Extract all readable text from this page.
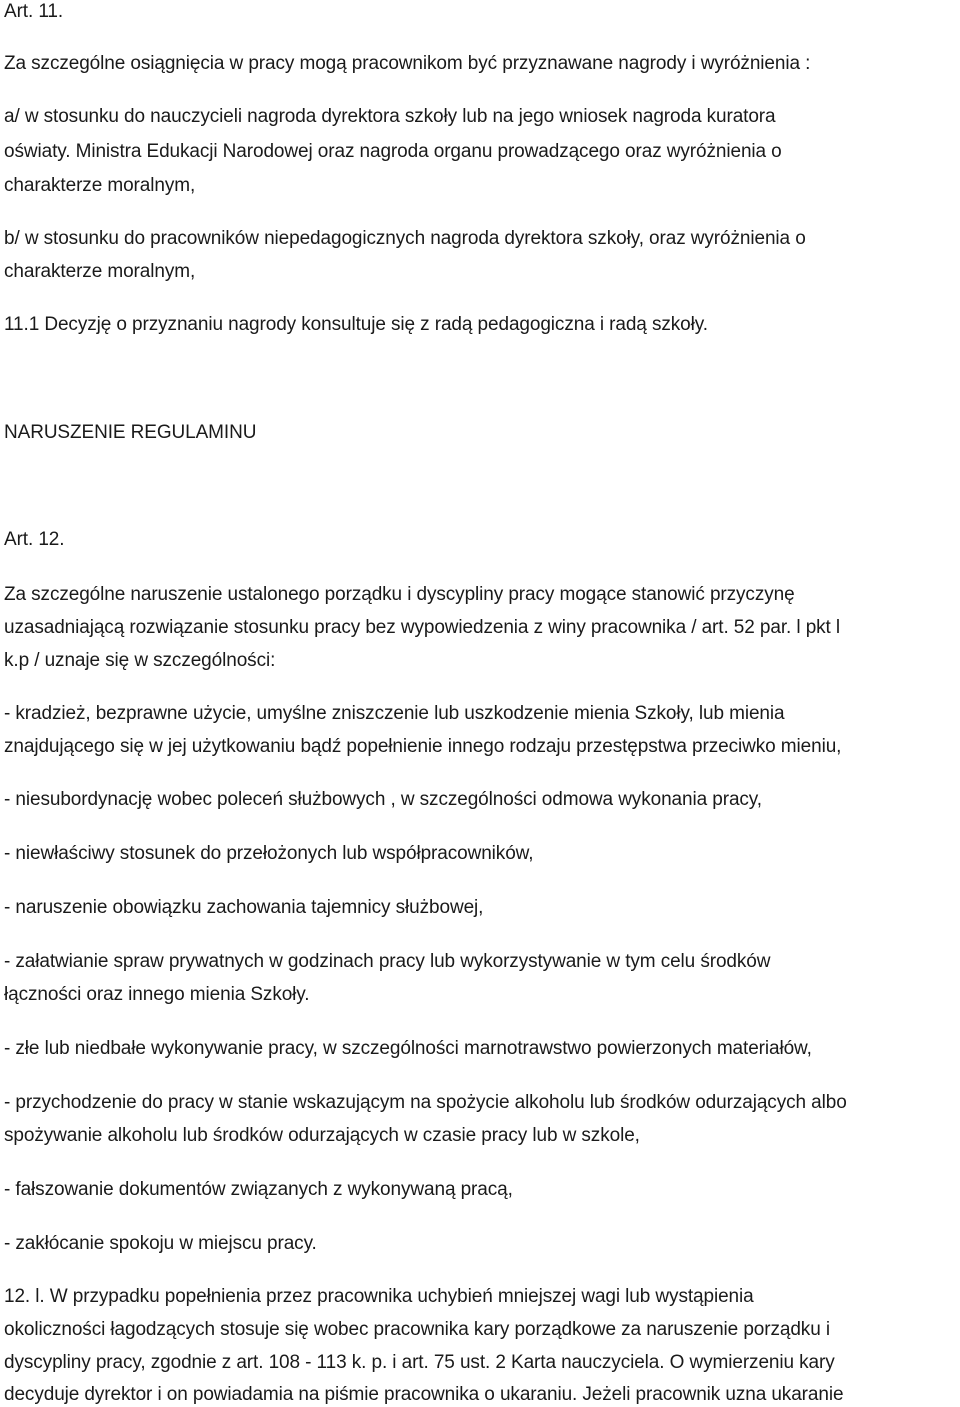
Art. 11.

Za szczególne osiągnięcia w pracy mogą pracownikom być przyznawane nagrody i wyróżnienia :

a/ w stosunku do nauczycieli nagroda dyrektora szkoły lub na jego wniosek nagroda kuratora

oświaty. Ministra Edukacji Narodowej oraz nagroda organu prowadzącego oraz wyróżnienia o

charakterze moralnym,

b/ w stosunku do pracowników niepedagogicznych nagroda dyrektora szkoły, oraz wyróżnienia o

charakterze moralnym,

11.1 Decyzję o przyznaniu nagrody konsultuje się z radą pedagogiczna i radą szkoły.

NARUSZENIE REGULAMINU

Art. 12.

Za szczególne naruszenie ustalonego porządku i dyscypliny pracy mogące stanowić przyczynę

uzasadniającą rozwiązanie stosunku pracy bez wypowiedzenia z winy pracownika / art. 52 par. l pkt l

k.p / uznaje się w szczególności:

- kradzież, bezprawne użycie, umyślne zniszczenie lub uszkodzenie mienia Szkoły, lub mienia

znajdującego się w jej użytkowaniu bądź popełnienie innego rodzaju przestępstwa przeciwko mieniu,

- niesubordynację wobec poleceń służbowych , w szczególności odmowa wykonania pracy,

- niewłaściwy stosunek do przełożonych lub współpracowników,

- naruszenie obowiązku zachowania tajemnicy służbowej,

- załatwianie spraw prywatnych w godzinach pracy lub wykorzystywanie w tym celu środków

łączności oraz innego mienia Szkoły.

- złe lub niedbałe wykonywanie pracy, w szczególności marnotrawstwo powierzonych materiałów,

- przychodzenie do pracy w stanie wskazującym na spożycie alkoholu lub środków odurzających albo

spożywanie alkoholu lub środków odurzających w czasie pracy lub w szkole,

- fałszowanie dokumentów związanych z wykonywaną pracą,

- zakłócanie spokoju w miejscu pracy.

12. l. W przypadku popełnienia przez pracownika uchybień mniejszej wagi lub wystąpienia

okoliczności łagodzących stosuje się wobec pracownika kary porządkowe za naruszenie porządku i

dyscypliny pracy, zgodnie z art. 108 - 113 k. p. i art. 75 ust. 2 Karta nauczyciela. O wymierzeniu kary

decyduje dyrektor i on powiadamia na piśmie pracownika o ukaraniu. Jeżeli pracownik uzna ukaranie
